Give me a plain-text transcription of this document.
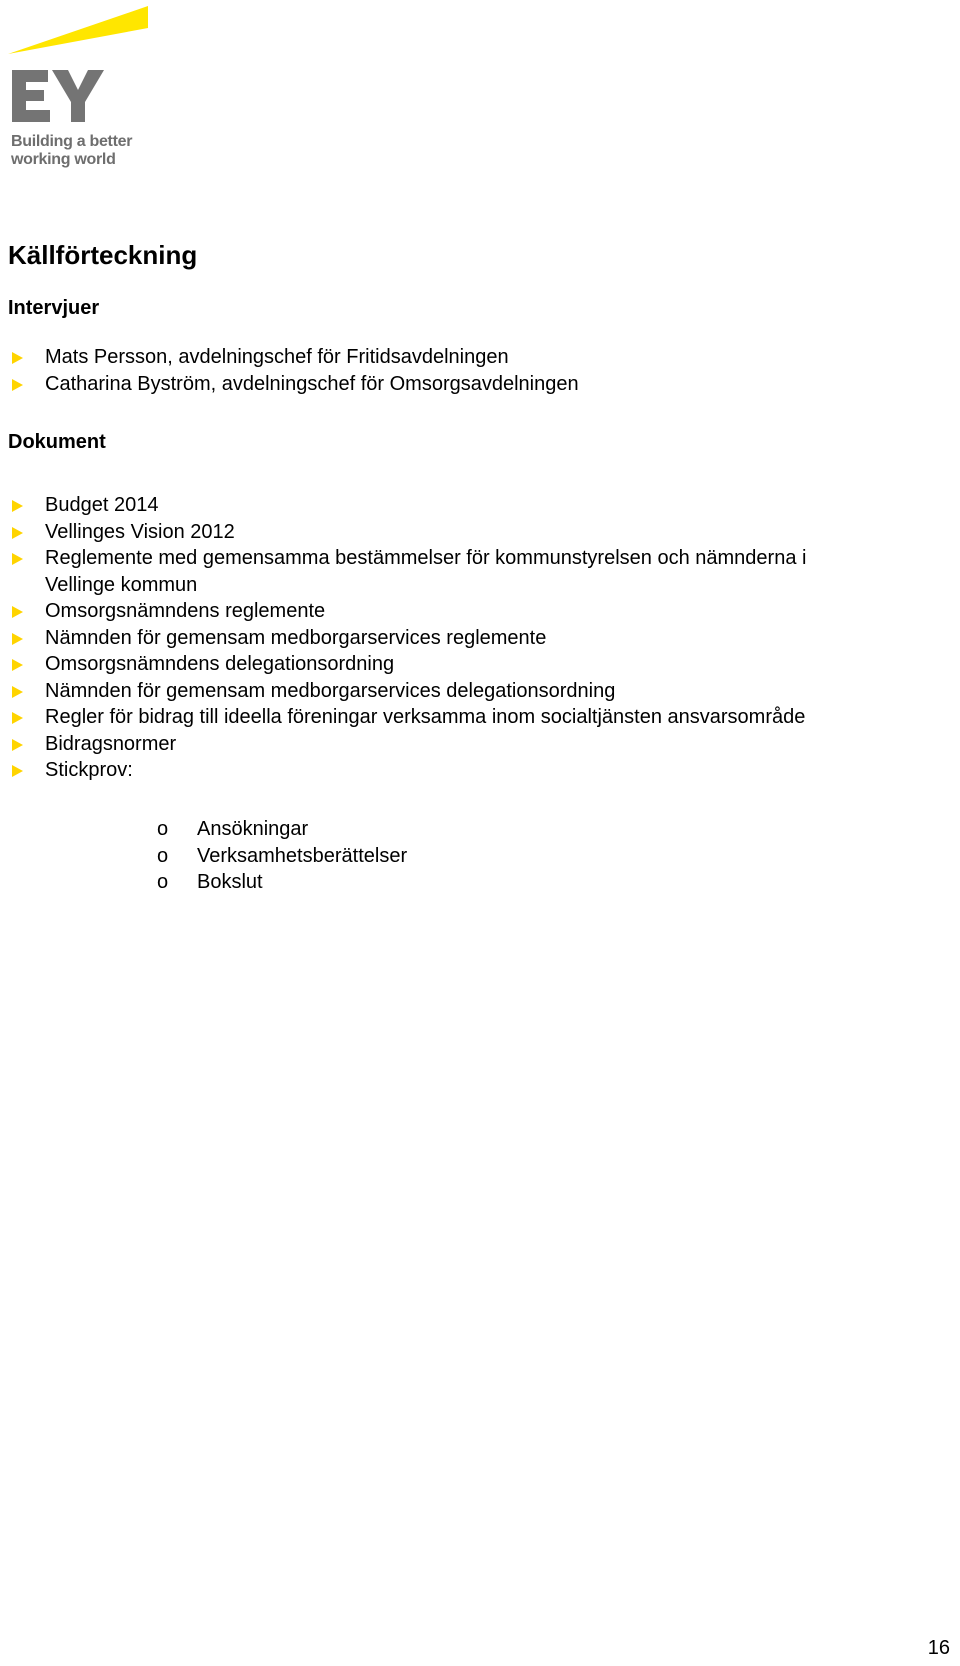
Building a better
working world
Källförteckning
Intervjuer
Mats Persson, avdelningschef för Fritidsavdelningen
Catharina Byström, avdelningschef för Omsorgsavdelningen
Dokument
Budget 2014
Vellinges Vision 2012
Reglemente med gemensamma bestämmelser för kommunstyrelsen och nämnderna i
Vellinge kommun
Omsorgsnämndens reglemente
Nämnden för gemensam medborgarservices reglemente
Omsorgsnämndens delegationsordning
Nämnden för gemensam medborgarservices delegationsordning
Regler för bidrag till ideella föreningar verksamma inom socialtjänsten ansvarsområde
Bidragsnormer
Stickprov:
o	Ansökningar
o	Verksamhetsberättelser
o	Bokslut
16
